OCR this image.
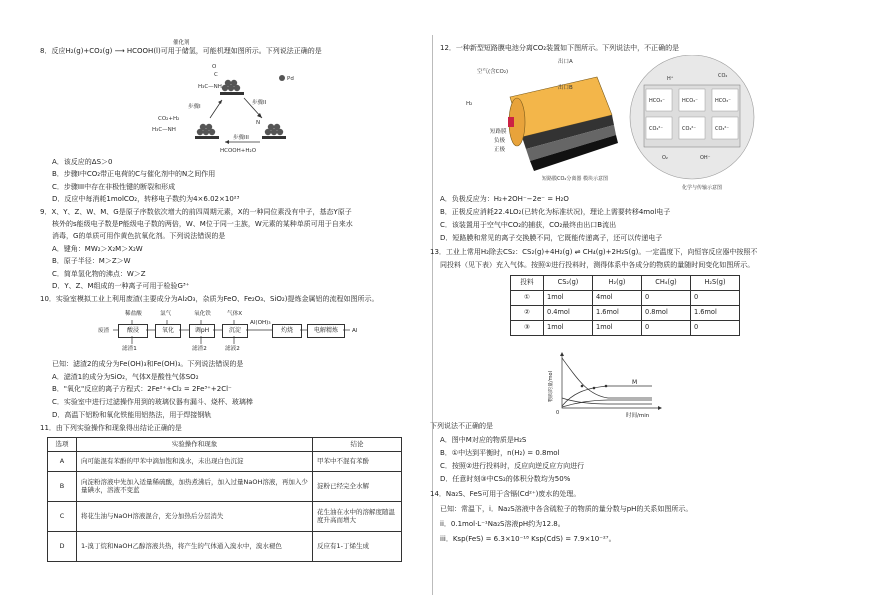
8．反应H₂(g)+CO₂(g) ⟶ HCOOH(l)可用于储氢，可能机理如图所示。下列说法正确的是
催化剂
O
C
H₃C—NH
Pd
步骤I
步骤II
步骤III
CO₂+H₂
H₃C—NH
N
HCOOH+H₂O
A．该反应的ΔS＞0
B．步骤I中CO₂带正电荷的C与催化剂中的N之间作用
C．步骤III中存在非极性键的断裂和形成
D．反应中每消耗1molCO₂，转移电子数约为4×6.02×10²³
9．X、Y、Z、W、M、G是原子序数依次增大的前四周期元素，X的一种同位素没有中子，基态Y原子
核外的s能级电子数是P能级电子数的两倍，W、M位于同一主族，W元素的某种单质可用于自来水
消毒，G的单质可用作黄色抗氧化剂。下列说法错误的是
A．键角：MW₂＞X₂M＞X₂W
B．原子半径：M＞Z＞W
C．简单氢化物的沸点：W＞Z
D．Y、Z、M组成的一种离子可用于检验G³⁺
10．实验室模拟工业上利用废渣(主要成分为Al₂O₃，杂质为FeO、Fe₂O₃、SiO₂)提炼金属铝的流程如图所示。
稀盐酸	氯气	氧化铁	气体X
废渣	酸浸	氧化	调pH	沉淀
Al(OH)₃
灼烧	电解精炼	Al
滤渣1	滤渣2	滤液2
已知：滤渣2的成分为Fe(OH)₃和Fe(OH)₃。下列说法错误的是
A．滤渣1的成分为SiO₂，气体X是酸性气体SO₂
B．"氧化"反应的离子方程式：2Fe²⁺+Cl₂ = 2Fe³⁺+2Cl⁻
C．实验室中进行过滤操作用到的玻璃仪器有漏斗、烧杯、玻璃棒
D．高温下铝粉和氧化铁能用铝热法，用于焊接钢轨
11．由下列实验操作和现象得出结论正确的是
选项	实验操作和现象	结论
A	向可能混有苯酚的甲苯中滴加饱和溴水，未出现白色沉淀	甲苯中不混有苯酚
B	向淀粉溶液中先加入适量稀硫酸，加热煮沸后，加入过量NaOH溶液，再加入少量碘水，溶液不变蓝	淀粉已经完全水解
C	将花生油与NaOH溶液混合，充分加热后分层消失	花生油在水中的溶解度随温度升高而增大
D	1-溴丁烷和NaOH乙醇溶液共热，将产生的气体通入溴水中，溴水褪色	反应有1-丁烯生成
12．一种新型短路膜电池分离CO₂装置如下图所示。下列说法中，不正确的是
空气(含CO₂)
出口A
出口B
H₂
短路膜
负极
正极
短路膜CO₂分离器 模块示意图
HCO₃⁻	HCO₃⁻	HCO₃⁻
CO₃²⁻	CO₃²⁻	CO₃²⁻
H⁺	CO₂
O₂	OH⁻
化学与传输示意图
A．负极反应为：H₂+2OH⁻−2e⁻ = H₂O
B．正极反应消耗22.4LO₂(已转化为标准状况)，理论上需要转移4mol电子
C．该装置用于空气中CO₂的捕获，CO₂最终由出口B流出
D．短路膜和常见的离子交换膜不同，它既能传递离子，还可以传递电子
13．工业上常用H₂除去CS₂：CS₂(g)+4H₂(g) ⇌ CH₄(g)+2H₂S(g)。一定温度下，向恒容反应器中按照不
同投料（见下表）充入气体。按照①进行投料时，测得体系中各成分的物质的量随时间变化如图所示。
投料	CS₂(g)	H₂(g)	CH₄(g)	H₂S(g)
①	1mol	4mol	0	0
②	0.4mol	1.6mol	0.8mol	1.6mol
③	1mol	1mol	0	0
M
0
物质的量/mol
时间/min
下列说法不正确的是
A．图中M对应的物质是H₂S
B．①中达到平衡时，n(H₂) = 0.8mol
C．按照②进行投料时，反应向逆反应方向进行
D．任意时刻③中CS₂的体积分数均为50%
14．Na₂S、FeS可用于含镉(Cd²⁺)废水的处理。
已知：常温下，i．Na₂S溶液中各含硫粒子的物质的量分数与pH的关系如图所示。
ii．0.1mol·L⁻¹Na₂S溶液pH约为12.8。
iii．Ksp(FeS) = 6.3×10⁻¹⁸ Ksp(CdS) = 7.9×10⁻²⁷。
